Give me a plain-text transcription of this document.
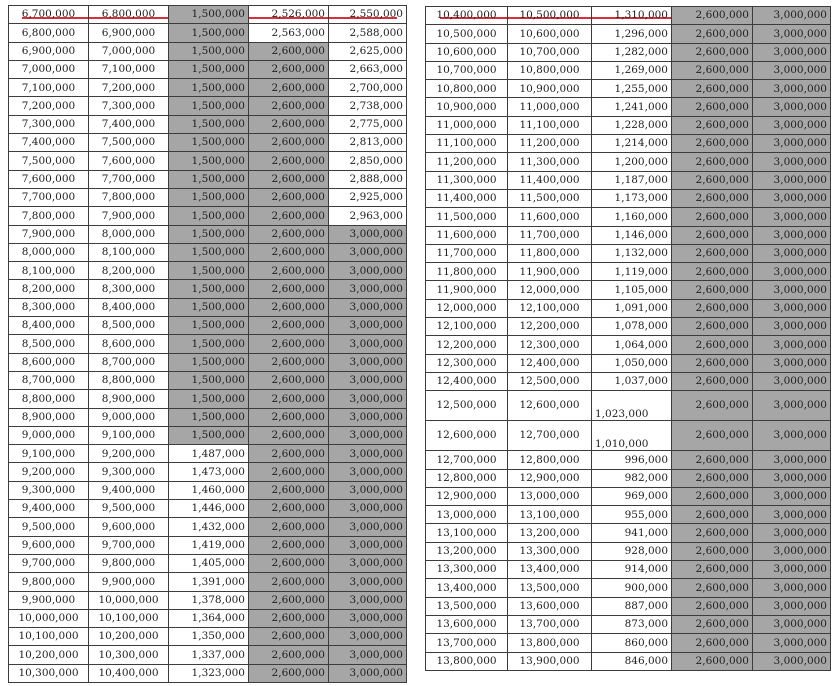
6,700,000	6,800,000	1,500,000	2,526,000	2,550,000
6,800,000	6,900,000	1,500,000	2,563,000	2,588,000
6,900,000	7,000,000	1,500,000	2,600,000	2,625,000
7,000,000	7,100,000	1,500,000	2,600,000	2,663,000
7,100,000	7,200,000	1,500,000	2,600,000	2,700,000
7,200,000	7,300,000	1,500,000	2,600,000	2,738,000
7,300,000	7,400,000	1,500,000	2,600,000	2,775,000
7,400,000	7,500,000	1,500,000	2,600,000	2,813,000
7,500,000	7,600,000	1,500,000	2,600,000	2,850,000
7,600,000	7,700,000	1,500,000	2,600,000	2,888,000
7,700,000	7,800,000	1,500,000	2,600,000	2,925,000
7,800,000	7,900,000	1,500,000	2,600,000	2,963,000
7,900,000	8,000,000	1,500,000	2,600,000	3,000,000
8,000,000	8,100,000	1,500,000	2,600,000	3,000,000
8,100,000	8,200,000	1,500,000	2,600,000	3,000,000
8,200,000	8,300,000	1,500,000	2,600,000	3,000,000
8,300,000	8,400,000	1,500,000	2,600,000	3,000,000
8,400,000	8,500,000	1,500,000	2,600,000	3,000,000
8,500,000	8,600,000	1,500,000	2,600,000	3,000,000
8,600,000	8,700,000	1,500,000	2,600,000	3,000,000
8,700,000	8,800,000	1,500,000	2,600,000	3,000,000
8,800,000	8,900,000	1,500,000	2,600,000	3,000,000
8,900,000	9,000,000	1,500,000	2,600,000	3,000,000
9,000,000	9,100,000	1,500,000	2,600,000	3,000,000
9,100,000	9,200,000	1,487,000	2,600,000	3,000,000
9,200,000	9,300,000	1,473,000	2,600,000	3,000,000
9,300,000	9,400,000	1,460,000	2,600,000	3,000,000
9,400,000	9,500,000	1,446,000	2,600,000	3,000,000
9,500,000	9,600,000	1,432,000	2,600,000	3,000,000
9,600,000	9,700,000	1,419,000	2,600,000	3,000,000
9,700,000	9,800,000	1,405,000	2,600,000	3,000,000
9,800,000	9,900,000	1,391,000	2,600,000	3,000,000
9,900,000	10,000,000	1,378,000	2,600,000	3,000,000
10,000,000	10,100,000	1,364,000	2,600,000	3,000,000
10,100,000	10,200,000	1,350,000	2,600,000	3,000,000
10,200,000	10,300,000	1,337,000	2,600,000	3,000,000
10,300,000	10,400,000	1,323,000	2,600,000	3,000,000
10,400,000	10,500,000	1,310,000	2,600,000	3,000,000
10,500,000	10,600,000	1,296,000	2,600,000	3,000,000
10,600,000	10,700,000	1,282,000	2,600,000	3,000,000
10,700,000	10,800,000	1,269,000	2,600,000	3,000,000
10,800,000	10,900,000	1,255,000	2,600,000	3,000,000
10,900,000	11,000,000	1,241,000	2,600,000	3,000,000
11,000,000	11,100,000	1,228,000	2,600,000	3,000,000
11,100,000	11,200,000	1,214,000	2,600,000	3,000,000
11,200,000	11,300,000	1,200,000	2,600,000	3,000,000
11,300,000	11,400,000	1,187,000	2,600,000	3,000,000
11,400,000	11,500,000	1,173,000	2,600,000	3,000,000
11,500,000	11,600,000	1,160,000	2,600,000	3,000,000
11,600,000	11,700,000	1,146,000	2,600,000	3,000,000
11,700,000	11,800,000	1,132,000	2,600,000	3,000,000
11,800,000	11,900,000	1,119,000	2,600,000	3,000,000
11,900,000	12,000,000	1,105,000	2,600,000	3,000,000
12,000,000	12,100,000	1,091,000	2,600,000	3,000,000
12,100,000	12,200,000	1,078,000	2,600,000	3,000,000
12,200,000	12,300,000	1,064,000	2,600,000	3,000,000
12,300,000	12,400,000	1,050,000	2,600,000	3,000,000
12,400,000	12,500,000	1,037,000	2,600,000	3,000,000
12,500,000	12,600,000	1,023,000	2,600,000	3,000,000
12,600,000	12,700,000	1,010,000	2,600,000	3,000,000
12,700,000	12,800,000	996,000	2,600,000	3,000,000
12,800,000	12,900,000	982,000	2,600,000	3,000,000
12,900,000	13,000,000	969,000	2,600,000	3,000,000
13,000,000	13,100,000	955,000	2,600,000	3,000,000
13,100,000	13,200,000	941,000	2,600,000	3,000,000
13,200,000	13,300,000	928,000	2,600,000	3,000,000
13,300,000	13,400,000	914,000	2,600,000	3,000,000
13,400,000	13,500,000	900,000	2,600,000	3,000,000
13,500,000	13,600,000	887,000	2,600,000	3,000,000
13,600,000	13,700,000	873,000	2,600,000	3,000,000
13,700,000	13,800,000	860,000	2,600,000	3,000,000
13,800,000	13,900,000	846,000	2,600,000	3,000,000
